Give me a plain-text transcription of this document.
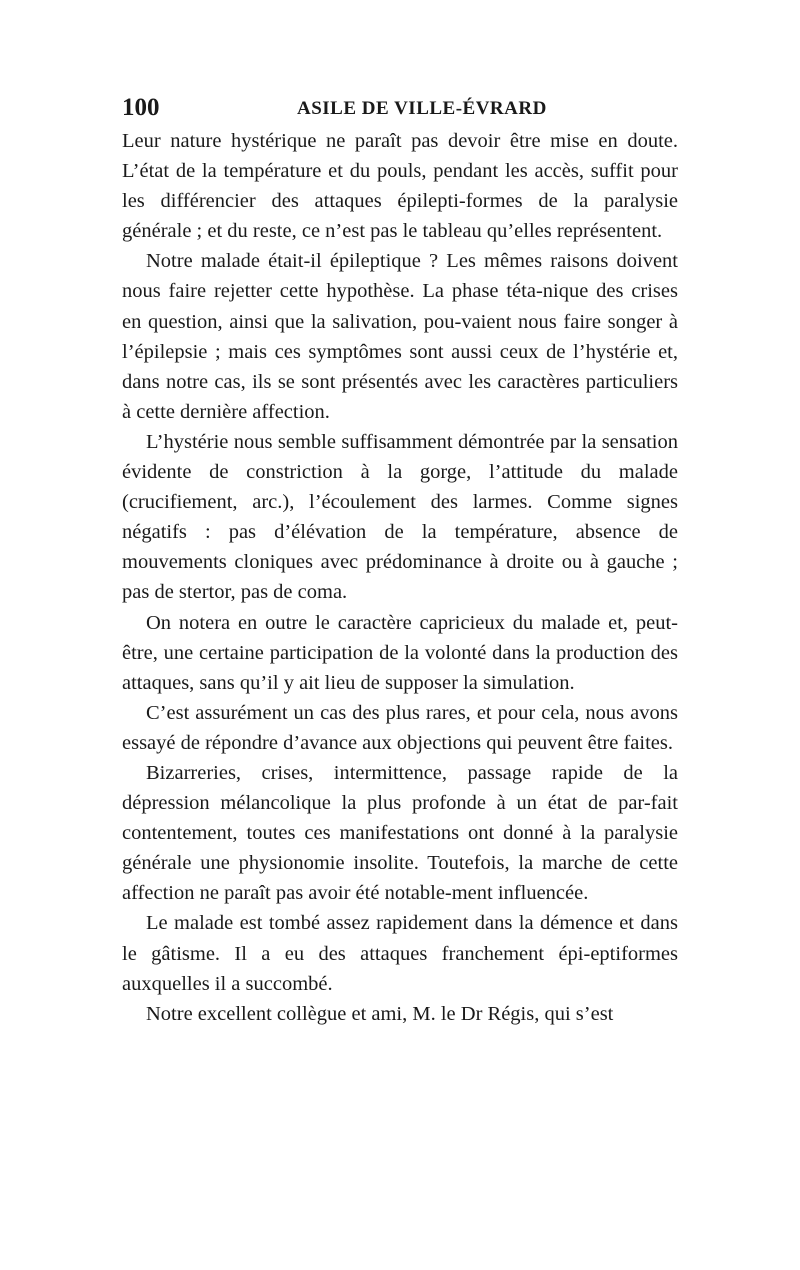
100	ASILE DE VILLE-ÉVRARD

Leur nature hystérique ne paraît pas devoir être mise en doute. L’état de la température et du pouls, pendant les accès, suffit pour les différencier des attaques épilepti-formes de la paralysie générale ; et du reste, ce n’est pas le tableau qu’elles représentent.

Notre malade était-il épileptique ? Les mêmes raisons doivent nous faire rejetter cette hypothèse. La phase téta-nique des crises en question, ainsi que la salivation, pou-vaient nous faire songer à l’épilepsie ; mais ces symptômes sont aussi ceux de l’hystérie et, dans notre cas, ils se sont présentés avec les caractères particuliers à cette dernière affection.

L’hystérie nous semble suffisamment démontrée par la sensation évidente de constriction à la gorge, l’attitude du malade (crucifiement, arc.), l’écoulement des larmes. Comme signes négatifs : pas d’élévation de la température, absence de mouvements cloniques avec prédominance à droite ou à gauche ; pas de stertor, pas de coma.

On notera en outre le caractère capricieux du malade et, peut-être, une certaine participation de la volonté dans la production des attaques, sans qu’il y ait lieu de supposer la simulation.

C’est assurément un cas des plus rares, et pour cela, nous avons essayé de répondre d’avance aux objections qui peuvent être faites.

Bizarreries, crises, intermittence, passage rapide de la dépression mélancolique la plus profonde à un état de par-fait contentement, toutes ces manifestations ont donné à la paralysie générale une physionomie insolite. Toutefois, la marche de cette affection ne paraît pas avoir été notable-ment influencée.

Le malade est tombé assez rapidement dans la démence et dans le gâtisme. Il a eu des attaques franchement épi-eptiformes auxquelles il a succombé.

Notre excellent collègue et ami, M. le Dr Régis, qui s’est
